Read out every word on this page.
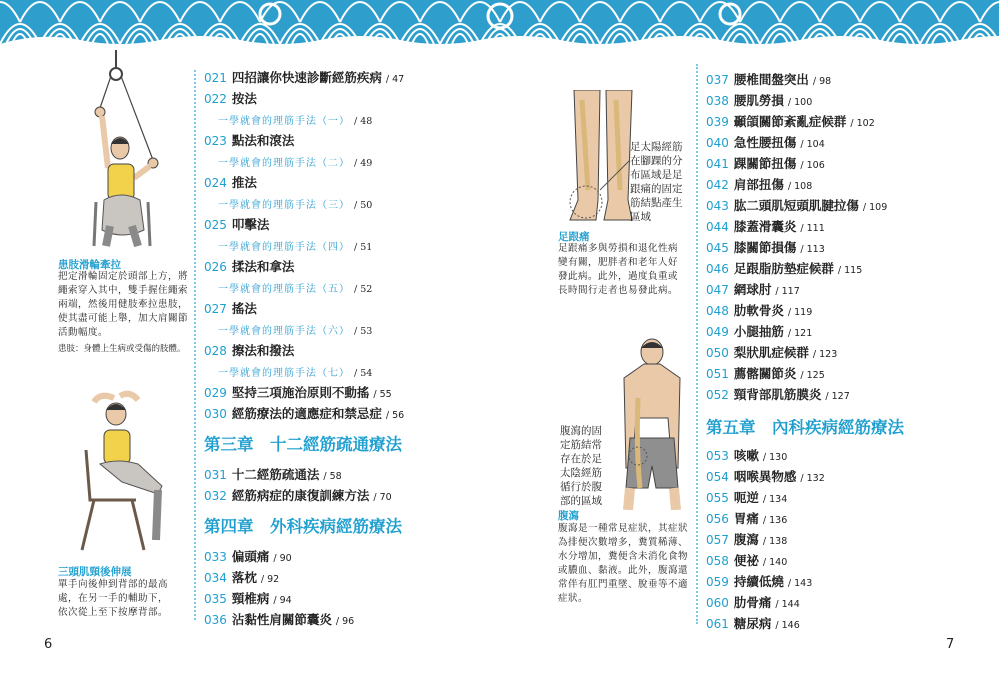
患肢滑輪牽拉
把定滑輪固定於頭部上方，將
繩索穿入其中，雙手握住繩索
兩端，然後用健肢牽拉患肢，
使其盡可能上舉，加大肩關節
活動幅度。
患肢：身體上生病或受傷的肢體。
三頭肌頸後伸展
單手向後伸到背部的最高
處，在另一手的輔助下，
依次從上至下按摩背部。
021 四招讓你快速診斷經筋疾病 / 47
022 按法
一學就會的理筋手法（一） / 48
023 點法和滾法
一學就會的理筋手法（二） / 49
024 推法
一學就會的理筋手法（三） / 50
025 叩擊法
一學就會的理筋手法（四） / 51
026 揉法和拿法
一學就會的理筋手法（五） / 52
027 搖法
一學就會的理筋手法（六） / 53
028 擦法和撥法
一學就會的理筋手法（七） / 54
029 堅持三項施治原則不動搖 / 55
030 經筋療法的適應症和禁忌症 / 56
第三章　十二經筋疏通療法
031 十二經筋疏通法 / 58
032 經筋病症的康復訓練方法 / 70
第四章　外科疾病經筋療法
033 偏頭痛 / 90
034 落枕 / 92
035 頸椎病 / 94
036 沾黏性肩關節囊炎 / 96
足太陽經筋
在腳踝的分
布區域是足
跟痛的固定
筋結點產生
區域
足跟痛
足跟痛多與勞損和退化性病
變有關，肥胖者和老年人好
發此病。此外，過度負重或
長時間行走者也易發此病。
腹瀉的固
定筋結常
存在於足
太陰經筋
循行於腹
部的區域
腹瀉
腹瀉是一種常見症狀，其症狀
為排便次數增多，糞質稀薄、
水分增加，糞便含未消化食物
或膿血、黏液。此外，腹瀉還
常伴有肛門重墜、脫垂等不適
症狀。
037 腰椎間盤突出 / 98
038 腰肌勞損 / 100
039 顳頜關節紊亂症候群 / 102
040 急性腰扭傷 / 104
041 踝關節扭傷 / 106
042 肩部扭傷 / 108
043 肱二頭肌短頭肌腱拉傷 / 109
044 膝蓋滑囊炎 / 111
045 膝關節損傷 / 113
046 足跟脂肪墊症候群 / 115
047 網球肘 / 117
048 肋軟骨炎 / 119
049 小腿抽筋 / 121
050 梨狀肌症候群 / 123
051 薦髂關節炎 / 125
052 頸背部肌筋膜炎 / 127
第五章　內科疾病經筋療法
053 咳嗽 / 130
054 咽喉異物感 / 132
055 呃逆 / 134
056 胃痛 / 136
057 腹瀉 / 138
058 便祕 / 140
059 持續低燒 / 143
060 肋骨痛 / 144
061 糖尿病 / 146
6	7
